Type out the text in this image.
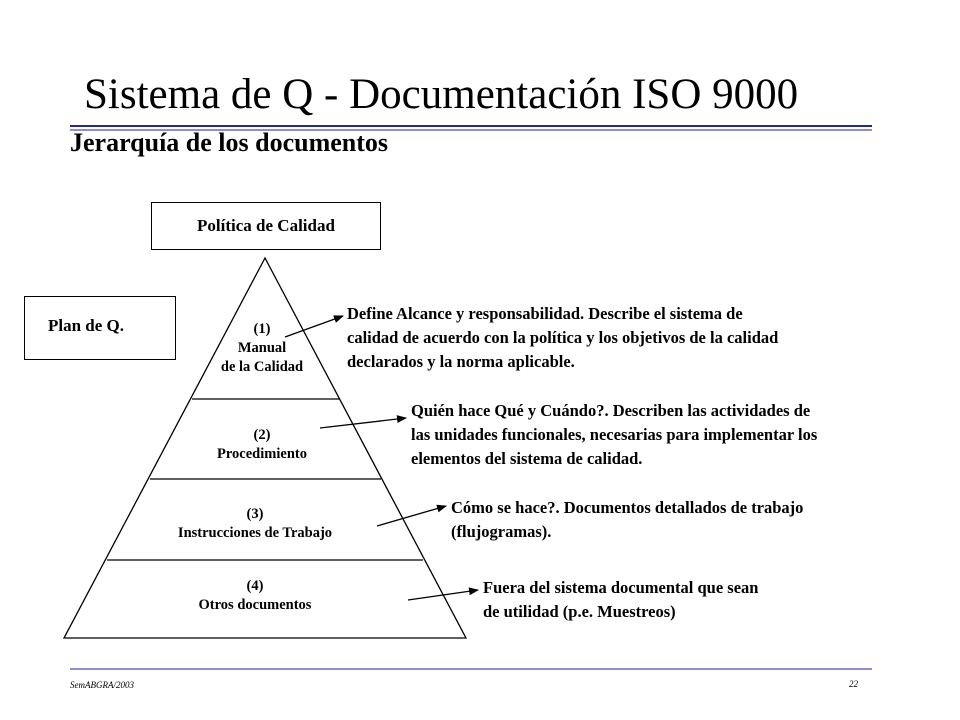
Sistema de Q - Documentación ISO 9000
Jerarquía de los documentos
Política de Calidad
Plan de Q.	(1)
Manual
de la Calidad
(2)
Procedimiento
(3)
Instrucciones de Trabajo
(4)
Otros documentos
Define Alcance y responsabilidad. Describe el sistema de
calidad de acuerdo con la política y los objetivos de la calidad
declarados y la norma aplicable.
Quién hace Qué y Cuándo?. Describen las actividades de
las unidades funcionales, necesarias para implementar los
elementos del sistema de calidad.
Cómo se hace?. Documentos detallados de trabajo
(flujogramas).
Fuera del sistema documental que sean
de utilidad (p.e. Muestreos)
SemABGRA/2003	22
